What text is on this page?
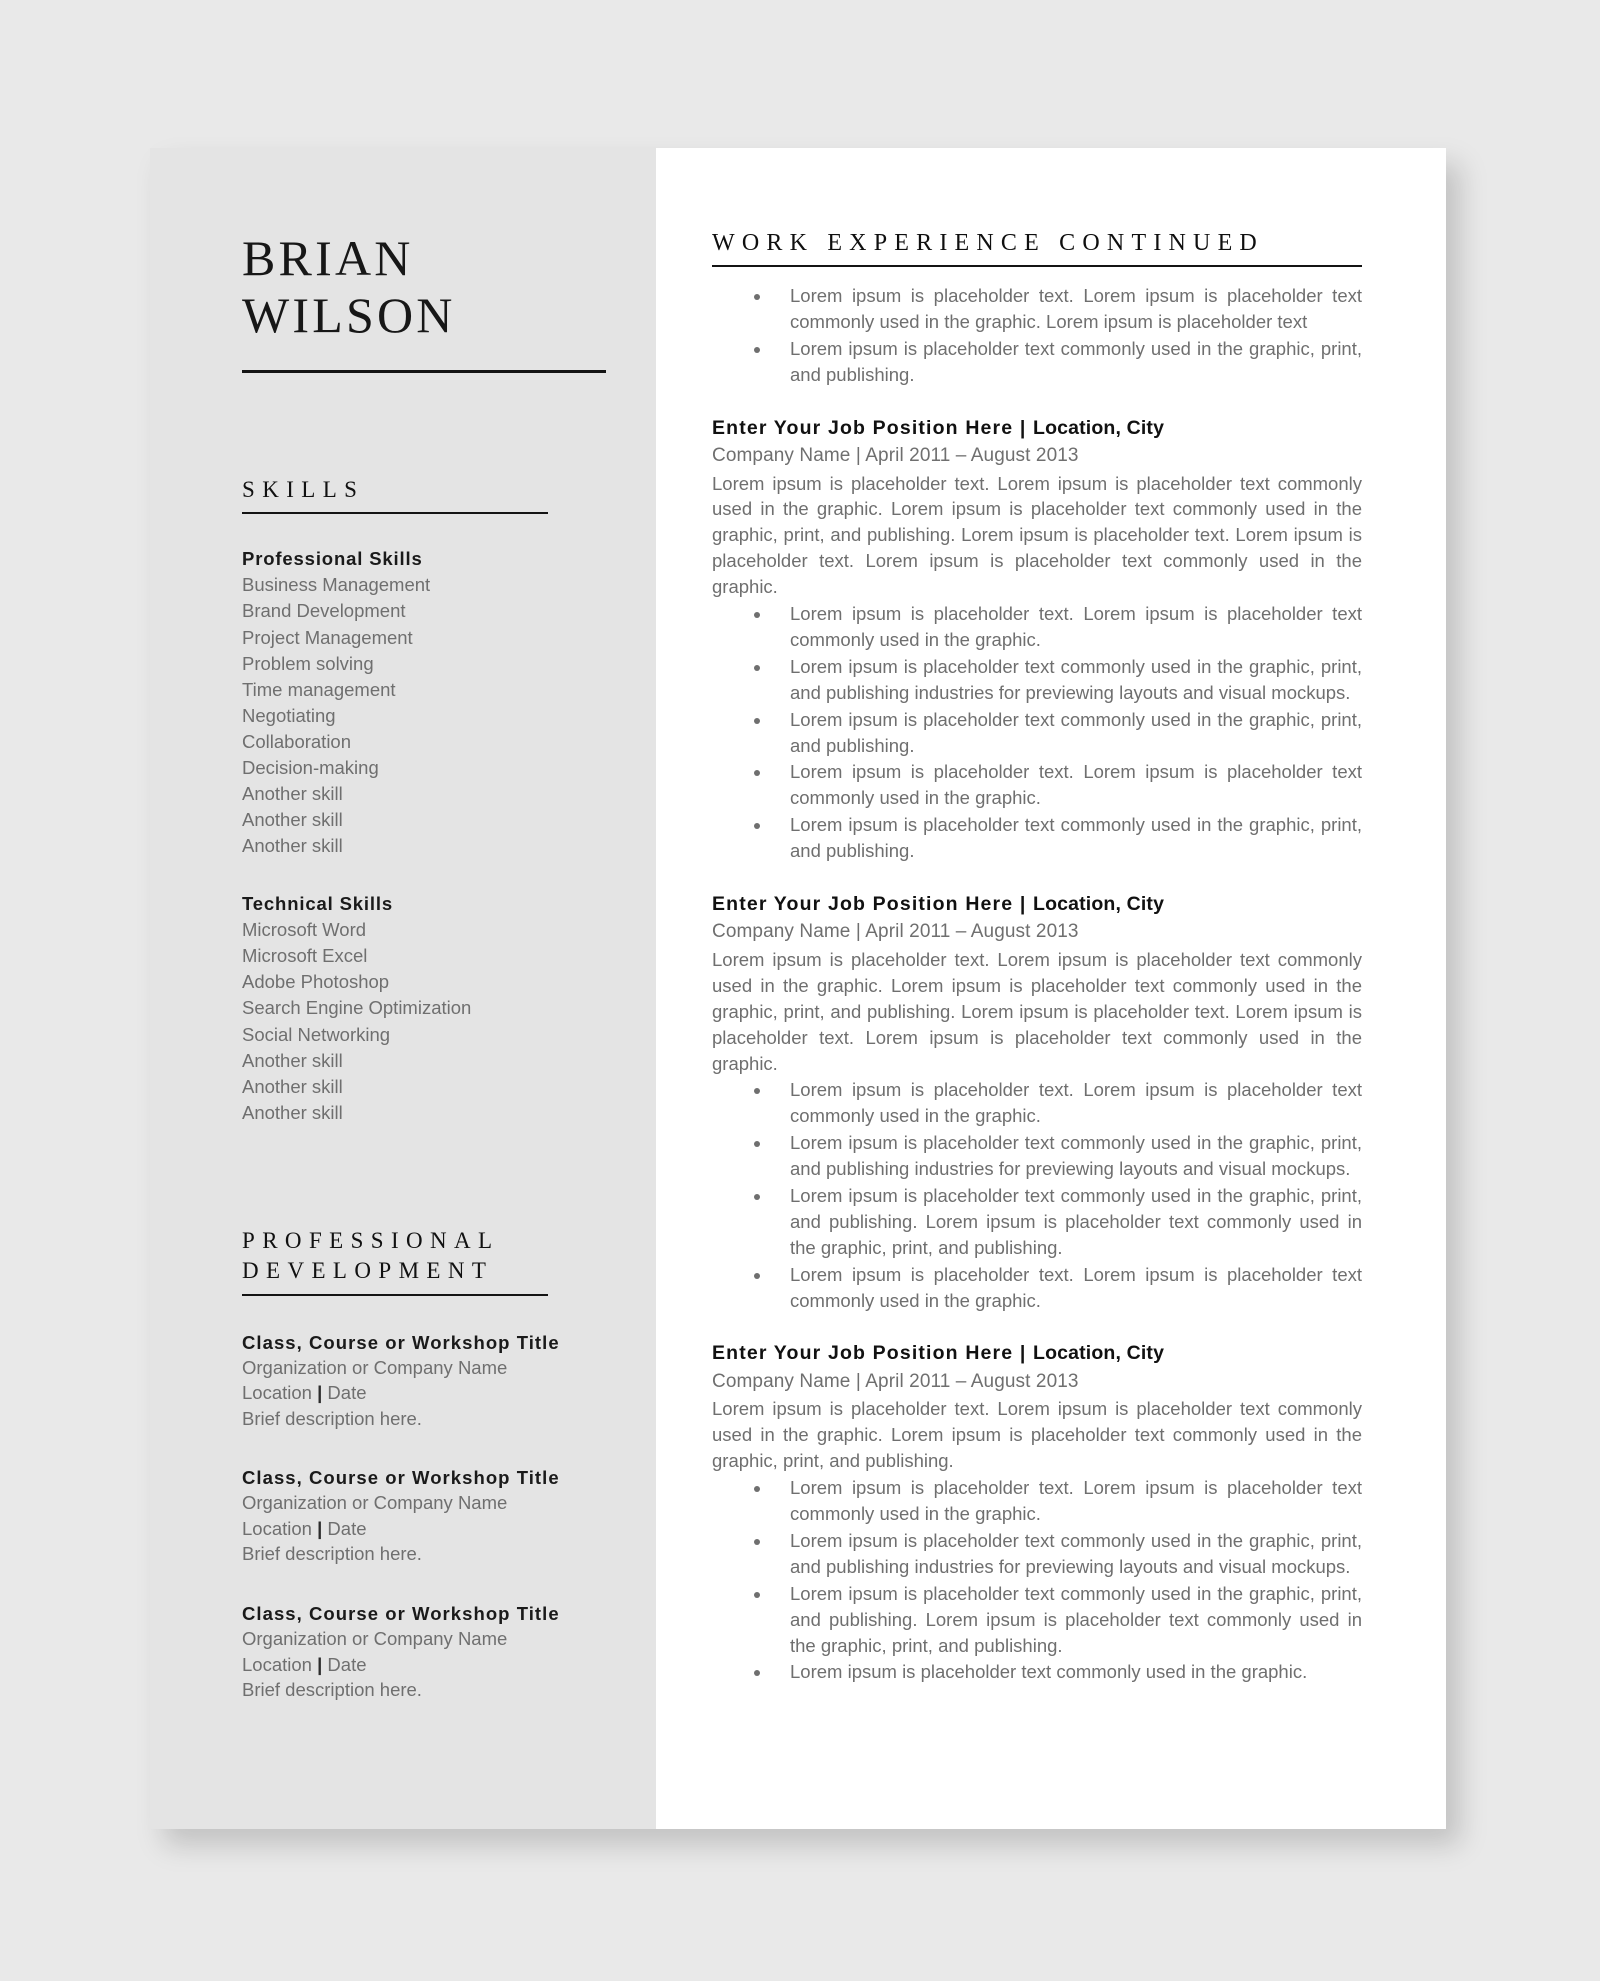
BRIAN
WILSON
SKILLS
Professional Skills
Business Management
Brand Development
Project Management
Problem solving
Time management
Negotiating
Collaboration
Decision-making
Another skill
Another skill
Another skill
Technical Skills
Microsoft Word
Microsoft Excel
Adobe Photoshop
Search Engine Optimization
Social Networking
Another skill
Another skill
Another skill
PROFESSIONAL
DEVELOPMENT
Class, Course or Workshop Title
Organization or Company Name
Location | Date
Brief description here.
Class, Course or Workshop Title
Organization or Company Name
Location | Date
Brief description here.
Class, Course or Workshop Title
Organization or Company Name
Location | Date
Brief description here.
WORK EXPERIENCE CONTINUED
Lorem ipsum is placeholder text. Lorem ipsum is placeholder text commonly used in the graphic. Lorem ipsum is placeholder text
Lorem ipsum is placeholder text commonly used in the graphic, print, and publishing.
Enter Your Job Position Here | Location, City
Company Name | April 2011 – August 2013

Lorem ipsum is placeholder text. Lorem ipsum is placeholder text commonly used in the graphic. Lorem ipsum is placeholder text commonly used in the graphic, print, and publishing. Lorem ipsum is placeholder text. Lorem ipsum is placeholder text. Lorem ipsum is placeholder text commonly used in the graphic.

Lorem ipsum is placeholder text. Lorem ipsum is placeholder text commonly used in the graphic.
Lorem ipsum is placeholder text commonly used in the graphic, print, and publishing industries for previewing layouts and visual mockups.
Lorem ipsum is placeholder text commonly used in the graphic, print, and publishing.
Lorem ipsum is placeholder text. Lorem ipsum is placeholder text commonly used in the graphic.
Lorem ipsum is placeholder text commonly used in the graphic, print, and publishing.
Enter Your Job Position Here | Location, City
Company Name | April 2011 – August 2013

Lorem ipsum is placeholder text. Lorem ipsum is placeholder text commonly used in the graphic. Lorem ipsum is placeholder text commonly used in the graphic, print, and publishing. Lorem ipsum is placeholder text. Lorem ipsum is placeholder text. Lorem ipsum is placeholder text commonly used in the graphic.

Lorem ipsum is placeholder text. Lorem ipsum is placeholder text commonly used in the graphic.
Lorem ipsum is placeholder text commonly used in the graphic, print, and publishing industries for previewing layouts and visual mockups.
Lorem ipsum is placeholder text commonly used in the graphic, print, and publishing. Lorem ipsum is placeholder text commonly used in the graphic, print, and publishing.
Lorem ipsum is placeholder text. Lorem ipsum is placeholder text commonly used in the graphic.
Enter Your Job Position Here | Location, City
Company Name | April 2011 – August 2013

Lorem ipsum is placeholder text. Lorem ipsum is placeholder text commonly used in the graphic. Lorem ipsum is placeholder text commonly used in the graphic, print, and publishing.

Lorem ipsum is placeholder text. Lorem ipsum is placeholder text commonly used in the graphic.
Lorem ipsum is placeholder text commonly used in the graphic, print, and publishing industries for previewing layouts and visual mockups.
Lorem ipsum is placeholder text commonly used in the graphic, print, and publishing. Lorem ipsum is placeholder text commonly used in the graphic, print, and publishing.
Lorem ipsum is placeholder text commonly used in the graphic.
